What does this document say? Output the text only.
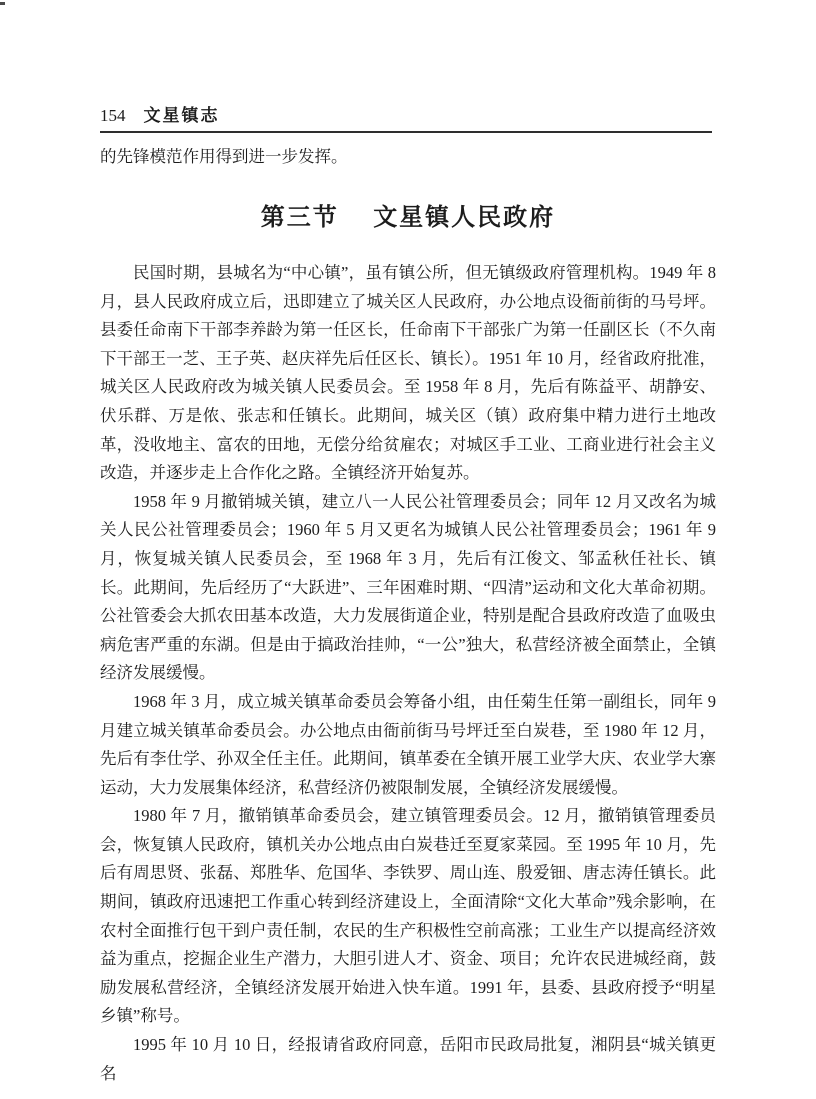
154 文星镇志
的先锋模范作用得到进一步发挥。
第三节 文星镇人民政府

民国时期，县城名为“中心镇”，虽有镇公所，但无镇级政府管理机构。1949 年 8 月，县人民政府成立后，迅即建立了城关区人民政府，办公地点设衙前街的马号坪。县委任命南下干部李养龄为第一任区长，任命南下干部张广为第一任副区长（不久南下干部王一芝、王子英、赵庆祥先后任区长、镇长）。1951 年 10 月，经省政府批准，城关区人民政府改为城关镇人民委员会。至 1958 年 8 月，先后有陈益平、胡静安、伏乐群、万是侬、张志和任镇长。此期间，城关区（镇）政府集中精力进行土地改革，没收地主、富农的田地，无偿分给贫雇农；对城区手工业、工商业进行社会主义改造，并逐步走上合作化之路。全镇经济开始复苏。

1958 年 9 月撤销城关镇，建立八一人民公社管理委员会；同年 12 月又改名为城关人民公社管理委员会；1960 年 5 月又更名为城镇人民公社管理委员会；1961 年 9 月，恢复城关镇人民委员会，至 1968 年 3 月，先后有江俊文、邹孟秋任社长、镇长。此期间，先后经历了“大跃进”、三年困难时期、“四清”运动和文化大革命初期。公社管委会大抓农田基本改造，大力发展街道企业，特别是配合县政府改造了血吸虫病危害严重的东湖。但是由于搞政治挂帅，“一公”独大，私营经济被全面禁止，全镇经济发展缓慢。

1968 年 3 月，成立城关镇革命委员会筹备小组，由任菊生任第一副组长，同年 9 月建立城关镇革命委员会。办公地点由衙前街马号坪迁至白炭巷，至 1980 年 12 月，先后有李仕学、孙双全任主任。此期间，镇革委在全镇开展工业学大庆、农业学大寨运动，大力发展集体经济，私营经济仍被限制发展，全镇经济发展缓慢。

1980 年 7 月，撤销镇革命委员会，建立镇管理委员会。12 月，撤销镇管理委员会，恢复镇人民政府，镇机关办公地点由白炭巷迁至夏家菜园。至 1995 年 10 月，先后有周思贤、张磊、郑胜华、危国华、李铁罗、周山连、殷爱钿、唐志涛任镇长。此期间，镇政府迅速把工作重心转到经济建设上，全面清除“文化大革命”残余影响，在农村全面推行包干到户责任制，农民的生产积极性空前高涨；工业生产以提高经济效益为重点，挖掘企业生产潜力，大胆引进人才、资金、项目；允许农民进城经商，鼓励发展私营经济，全镇经济发展开始进入快车道。1991 年，县委、县政府授予“明星乡镇”称号。

1995 年 10 月 10 日，经报请省政府同意，岳阳市民政局批复，湘阴县“城关镇更名
